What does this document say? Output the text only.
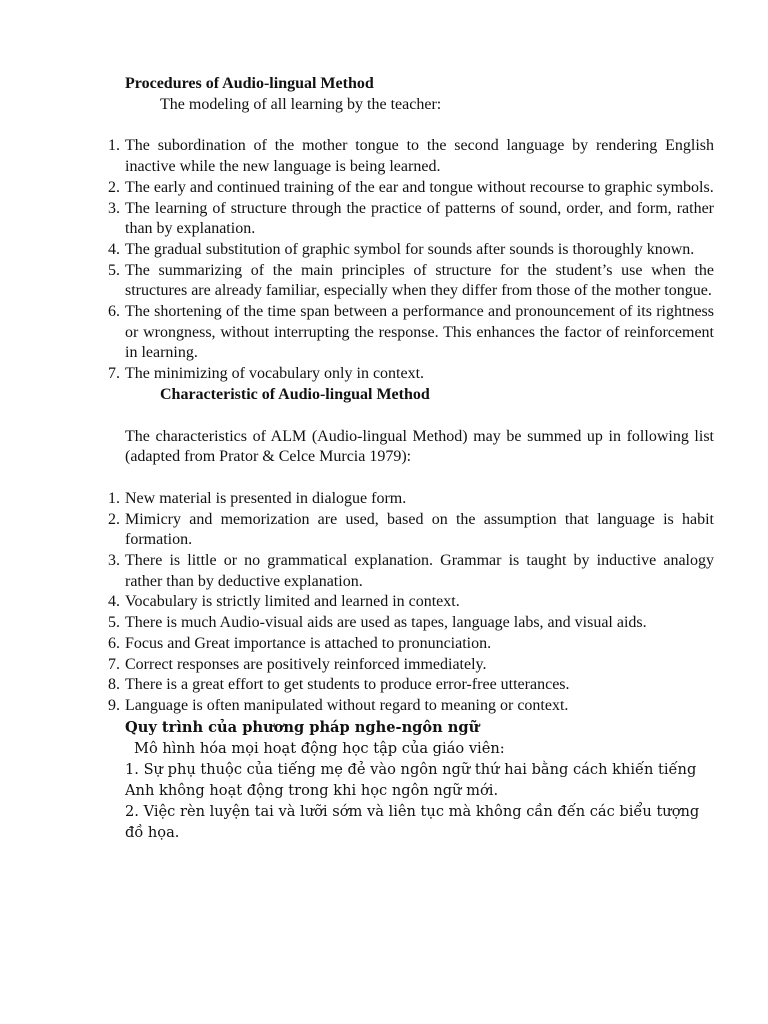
Procedures of Audio-lingual Method

The modeling of all learning by the teacher:

1. The subordination of the mother tongue to the second language by rendering English inactive while the new language is being learned.
2. The early and continued training of the ear and tongue without recourse to graphic symbols.
3. The learning of structure through the practice of patterns of sound, order, and form, rather than by explanation.
4. The gradual substitution of graphic symbol for sounds after sounds is thoroughly known.
5. The summarizing of the main principles of structure for the student’s use when the structures are already familiar, especially when they differ from those of the mother tongue.
6. The shortening of the time span between a performance and pronouncement of its rightness or wrongness, without interrupting the response. This enhances the factor of reinforcement in learning.
7. The minimizing of vocabulary only in context.

Characteristic of Audio-lingual Method

The characteristics of ALM (Audio-lingual Method) may be summed up in following list (adapted from Prator & Celce Murcia 1979):

1. New material is presented in dialogue form.
2. Mimicry and memorization are used, based on the assumption that language is habit formation.
3. There is little or no grammatical explanation. Grammar is taught by inductive analogy rather than by deductive explanation.
4. Vocabulary is strictly limited and learned in context.
5. There is much Audio-visual aids are used as tapes, language labs, and visual aids.
6. Focus and Great importance is attached to pronunciation.
7. Correct responses are positively reinforced immediately.
8. There is a great effort to get students to produce error-free utterances.
9. Language is often manipulated without regard to meaning or context.

Quy trình của phương pháp nghe-ngôn ngữ

Mô hình hóa mọi hoạt động học tập của giáo viên:

1. Sự phụ thuộc của tiếng mẹ đẻ vào ngôn ngữ thứ hai bằng cách khiến tiếng Anh không hoạt động trong khi học ngôn ngữ mới.

2. Việc rèn luyện tai và lưỡi sớm và liên tục mà không cần đến các biểu tượng đồ họa.
